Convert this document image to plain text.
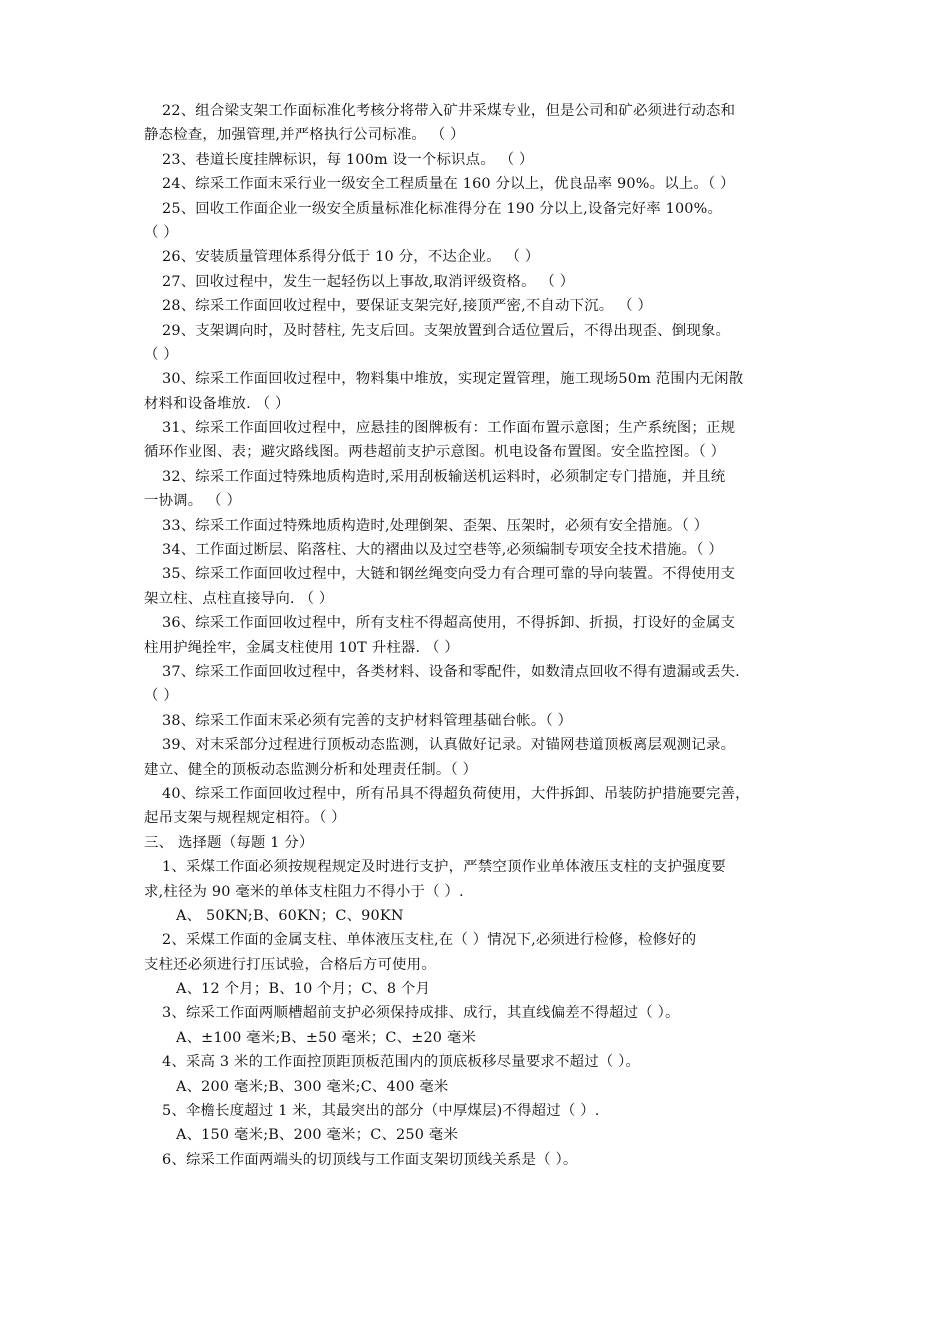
22、组合梁支架工作面标准化考核分将带入矿井采煤专业，但是公司和矿必须进行动态和
静态检查，加强管理,并严格执行公司标准。 （ ）
23、巷道长度挂牌标识，每 100m 设一个标识点。 （ ）
24、综采工作面末采行业一级安全工程质量在 160 分以上，优良品率 90%。以上。（ ）
25、回收工作面企业一级安全质量标准化标准得分在 190 分以上,设备完好率 100%。
（ ）
26、安装质量管理体系得分低于 10 分，不达企业。 （ ）
27、回收过程中，发生一起轻伤以上事故,取消评级资格。 （ ）
28、综采工作面回收过程中，要保证支架完好,接顶严密,不自动下沉。 （ ）
29、支架调向时，及时替柱, 先支后回。支架放置到合适位置后，不得出现歪、倒现象。
（ ）
30、综采工作面回收过程中，物料集中堆放，实现定置管理，施工现场50m 范围内无闲散
材料和设备堆放. （ ）
31、综采工作面回收过程中，应悬挂的图牌板有：工作面布置示意图；生产系统图；正规
循环作业图、表；避灾路线图。两巷超前支护示意图。机电设备布置图。安全监控图。（ ）
32、综采工作面过特殊地质构造时,采用刮板输送机运料时，必须制定专门措施，并且统
一协调。 （ ）
33、综采工作面过特殊地质构造时,处理倒架、歪架、压架时，必须有安全措施。（ ）
34、工作面过断层、陷落柱、大的褶曲以及过空巷等,必须编制专项安全技术措施。（ ）
35、综采工作面回收过程中，大链和钢丝绳变向受力有合理可靠的导向装置。不得使用支
架立柱、点柱直接导向. （ ）
36、综采工作面回收过程中，所有支柱不得超高使用，不得拆卸、折损，打设好的金属支
柱用护绳拴牢，金属支柱使用 10T 升柱器. （ ）
37、综采工作面回收过程中，各类材料、设备和零配件，如数清点回收不得有遗漏或丢失.
（ ）
38、综采工作面末采必须有完善的支护材料管理基础台帐。（ ）
39、对末采部分过程进行顶板动态监测，认真做好记录。对锚网巷道顶板离层观测记录。
建立、健全的顶板动态监测分析和处理责任制。（ ）
40、综采工作面回收过程中，所有吊具不得超负荷使用，大件拆卸、吊装防护措施要完善，
起吊支架与规程规定相符。（ ）
三、 选择题（每题 1 分）
1、采煤工作面必须按规程规定及时进行支护，严禁空顶作业单体液压支柱的支护强度要
求,柱径为 90 毫米的单体支柱阻力不得小于（ ）.
A、 50KN;B、60KN；C、90KN
2、采煤工作面的金属支柱、单体液压支柱,在（ ）情况下,必须进行检修，检修好的
支柱还必须进行打压试验，合格后方可使用。
A、12 个月；B、10 个月；C、8 个月
3、综采工作面两顺槽超前支护必须保持成排、成行，其直线偏差不得超过（ ）。
A、±100 毫米;B、±50 毫米；C、±20 毫米
4、采高 3 米的工作面控顶距顶板范围内的顶底板移尽量要求不超过（ ）。
A、200 毫米;B、300 毫米;C、400 毫米
5、伞檐长度超过 1 米，其最突出的部分（中厚煤层)不得超过（ ）.
A、150 毫米;B、200 毫米；C、250 毫米
6、综采工作面两端头的切顶线与工作面支架切顶线关系是（ ）。
